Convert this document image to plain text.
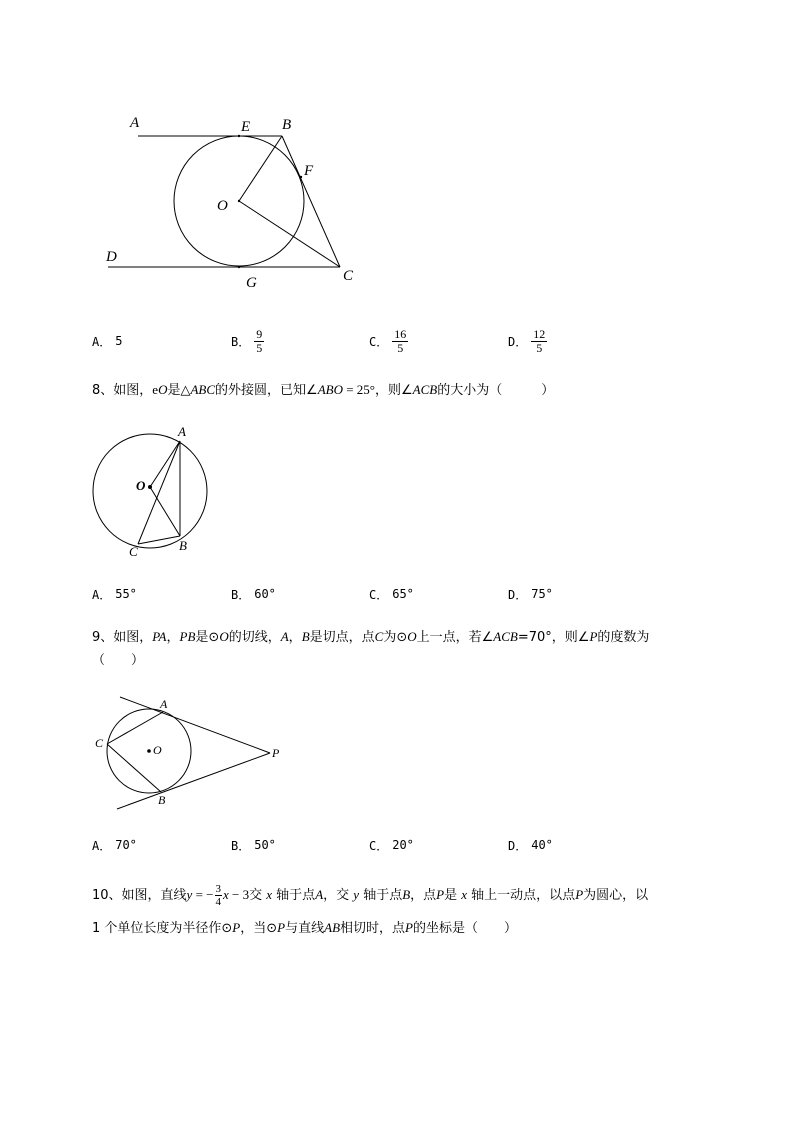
A	E B
F
O
D
G	C
A． 5	B． $\frac{9}{5}$	C． $\frac{16}{5}$	D． $\frac{12}{5}$
8、如图，eO是△ABC的外接圆，已知∠ABO = 25°，则∠ACB的大小为（　　　）
A
O
B
C
A． 55°	B． 60°	C． 65°	D． 75°
9、如图，PA，PB是⊙O的切线，A，B是切点，点C为⊙O上一点，若∠ACB=70°，则∠P的度数为
（　　）
A
C	O	P
B
A． 70°	B． 50°	C． 20°	D． 40°
10、如图，直线y = − $\frac{3}{4}$ x − 3交 x 轴于点A，交 y 轴于点B，点P是 x 轴上一动点，以点P为圆心，以
1 个单位长度为半径作⊙P，当⊙P与直线AB相切时，点P的坐标是（　　）
